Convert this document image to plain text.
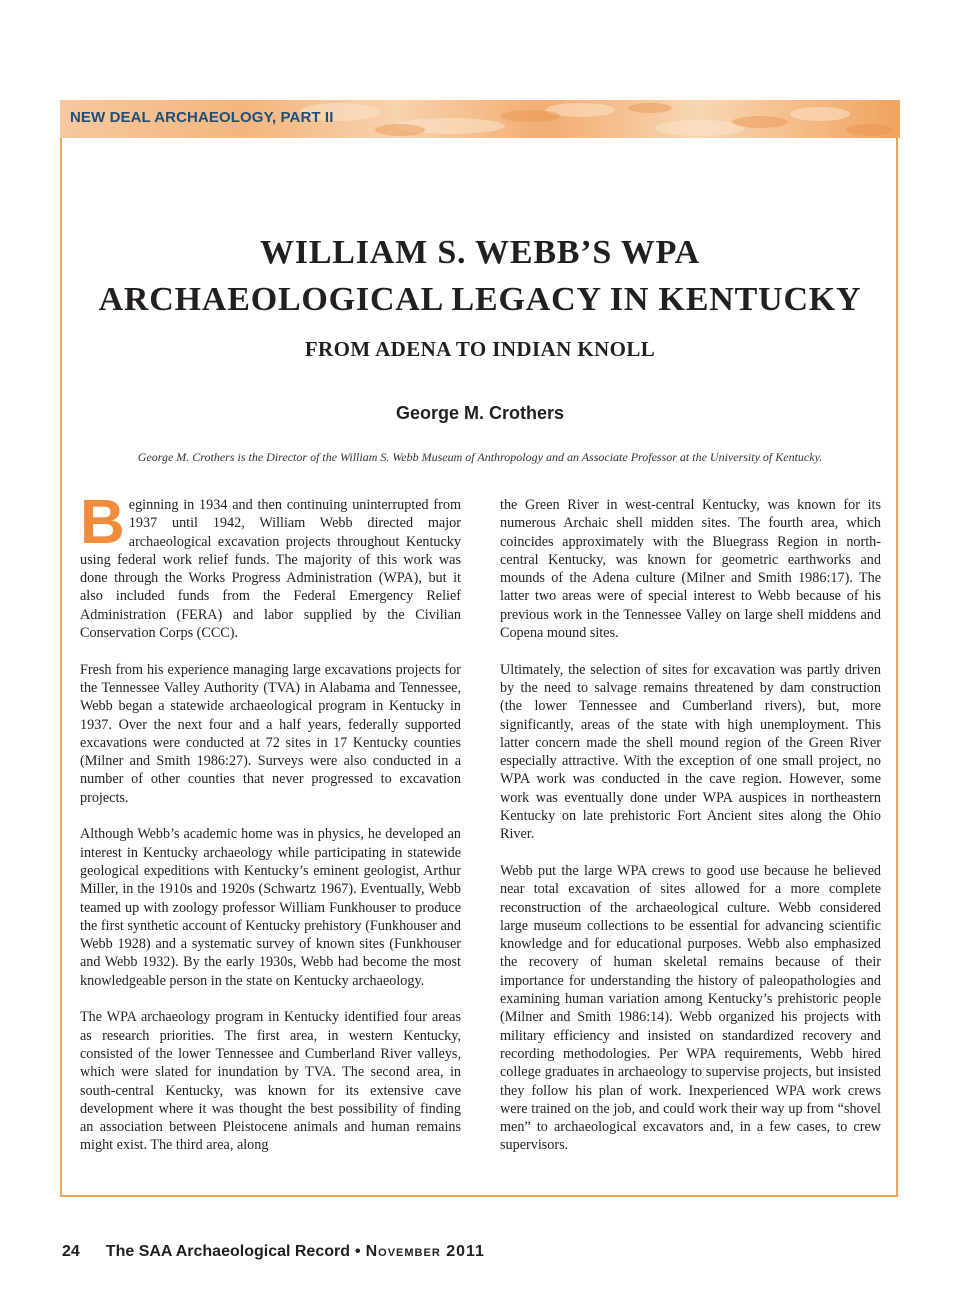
NEW DEAL ARCHAEOLOGY, PART II
WILLIAM S. WEBB’S WPA
ARCHAEOLOGICAL LEGACY IN KENTUCKY
FROM ADENA TO INDIAN KNOLL
George M. Crothers
George M. Crothers is the Director of the William S. Webb Museum of Anthropology and an Associate Professor at the University of Kentucky.

Beginning in 1934 and then continuing uninterrupted from 1937 until 1942, William Webb directed major archaeological excavation projects throughout Kentucky using federal work relief funds. The majority of this work was done through the Works Progress Administration (WPA), but it also included funds from the Federal Emergency Relief Administration (FERA) and labor supplied by the Civilian Conservation Corps (CCC).

Fresh from his experience managing large excavations projects for the Tennessee Valley Authority (TVA) in Alabama and Tennessee, Webb began a statewide archaeological program in Kentucky in 1937. Over the next four and a half years, federally supported excavations were conducted at 72 sites in 17 Kentucky counties (Milner and Smith 1986:27). Surveys were also conducted in a number of other counties that never progressed to excavation projects.

Although Webb’s academic home was in physics, he developed an interest in Kentucky archaeology while participating in statewide geological expeditions with Kentucky’s eminent geologist, Arthur Miller, in the 1910s and 1920s (Schwartz 1967). Eventually, Webb teamed up with zoology professor William Funkhouser to produce the first synthetic account of Kentucky prehistory (Funkhouser and Webb 1928) and a systematic survey of known sites (Funkhouser and Webb 1932). By the early 1930s, Webb had become the most knowledgeable person in the state on Kentucky archaeology.

The WPA archaeology program in Kentucky identified four areas as research priorities. The first area, in western Kentucky, consisted of the lower Tennessee and Cumberland River valleys, which were slated for inundation by TVA. The second area, in south-central Kentucky, was known for its extensive cave development where it was thought the best possibility of finding an association between Pleistocene animals and human remains might exist. The third area, along

the Green River in west-central Kentucky, was known for its numerous Archaic shell midden sites. The fourth area, which coincides approximately with the Bluegrass Region in north-central Kentucky, was known for geometric earthworks and mounds of the Adena culture (Milner and Smith 1986:17). The latter two areas were of special interest to Webb because of his previous work in the Tennessee Valley on large shell middens and Copena mound sites.

Ultimately, the selection of sites for excavation was partly driven by the need to salvage remains threatened by dam construction (the lower Tennessee and Cumberland rivers), but, more significantly, areas of the state with high unemployment. This latter concern made the shell mound region of the Green River especially attractive. With the exception of one small project, no WPA work was conducted in the cave region. However, some work was eventually done under WPA auspices in northeastern Kentucky on late prehistoric Fort Ancient sites along the Ohio River.

Webb put the large WPA crews to good use because he believed near total excavation of sites allowed for a more complete reconstruction of the archaeological culture. Webb considered large museum collections to be essential for advancing scientific knowledge and for educational purposes. Webb also emphasized the recovery of human skeletal remains because of their importance for understanding the history of paleopathologies and examining human variation among Kentucky’s prehistoric people (Milner and Smith 1986:14). Webb organized his projects with military efficiency and insisted on standardized recovery and recording methodologies. Per WPA requirements, Webb hired college graduates in archaeology to supervise projects, but insisted they follow his plan of work. Inexperienced WPA work crews were trained on the job, and could work their way up from “shovel men” to archaeological excavators and, in a few cases, to crew supervisors.

24 The SAA Archaeological Record • November 2011
